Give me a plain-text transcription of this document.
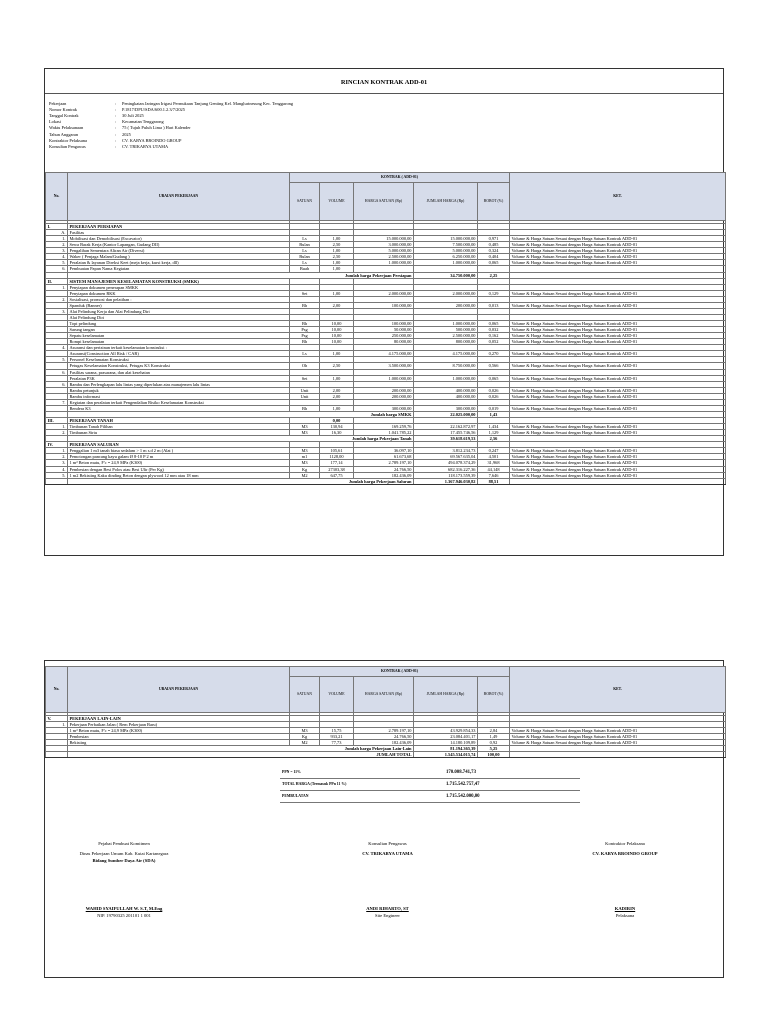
RINCIAN KONTRAK ADD-01
Pekerjaan	:	Peningkatan Jaringan Irigasi Permukaan Tanjung Genting Kel. Manglurinesung Kec. Tenggarong
Nomor Kontrak	:	P.1817/DPU/SDA/600.1.2.3/7/2025
Tanggal Kontrak	:	30 Juli 2025
Lokasi	:	Kecamatan Tenggarong
Waktu Pelaksanaan	:	75 ( Tujuh Puluh Lima ) Hari Kalender
Tahun Anggaran	:	2025
Kontraktor Pelaksana	:	CV. KARYA BROINDO GROUP
Konsultan Pengawas	:	CV. TRIKARYA UTAMA
No.	URAIAN PEKERJAAN	KONTRAK ( ADD-01)					KET.
		SATUAN	VOLUME	HARGA SATUAN (Rp)	JUMLAH HARGA (Rp)	BOBOT (%)	

I.	PEKERJAAN PERSIAPAN						
A.	Fasilitas						
1.	Mobilisasi dan Demobilisasi (Excavator)	Ls	1,00	15.000.000,00	15.000.000,00	0,971	Volume & Harga Satuan Sesuai dengan Harga Satuan Kontrak ADD-01
2.	Sewa Barak Kerja (Kantor Lapangan, Gudang DII)	Bulan	2,50	3.000.000,00	7.500.000,00	0,485	Volume & Harga Satuan Sesuai dengan Harga Satuan Kontrak ADD-01
3.	Pengalihan Sementara Aliran Air (Diversi)	Ls	1,00	5.000.000,00	5.000.000,00	0,324	Volume & Harga Satuan Sesuai dengan Harga Satuan Kontrak ADD-01
4.	Waker ( Penjaga Malam/Gudang )	Bulan	2,50	2.500.000,00	6.250.000,00	0,404	Volume & Harga Satuan Sesuai dengan Harga Satuan Kontrak ADD-01
5.	Peralatan & layanan Direksi Keet (meja kerja, kursi kerja, dll)	Ls	1,00	1.000.000,00	1.000.000,00	0,065	Volume & Harga Satuan Sesuai dengan Harga Satuan Kontrak ADD-01
6.	Pembuatan Papan Nama Kegiatan	Buah	1,00				
	Jumlah harga Pekerjaan Persiapan				34.750.000,00	2,25	
II.	SISTEM MANAJEMEN KESELAMATAN KONSTRUKSI (SMKK)						
1.	Penyiapan dokumen penerapan SMKK						
	Penyiapan dokumen RKK	Set	1,00	2.000.000,00	2.000.000,00	0,129	Volume & Harga Satuan Sesuai dengan Harga Satuan Kontrak ADD-01
2.	Sosialisasi, promosi dan pelatihan :						
	Spanduk (Banner)	Bh	2,00	100.000,00	200.000,00	0,013	Volume & Harga Satuan Sesuai dengan Harga Satuan Kontrak ADD-01
3.	Alat Pelindung Kerja dan Alat Pelindung Diri						
	Alat Pelindung Diri						
	Topi pelindung	Bh	10,00	100.000,00	1.000.000,00	0,065	Volume & Harga Satuan Sesuai dengan Harga Satuan Kontrak ADD-01
	Sarung tangan	Psg	10,00	50.000,00	500.000,00	0,032	Volume & Harga Satuan Sesuai dengan Harga Satuan Kontrak ADD-01
	Sepatu keselamatan	Psg	10,00	250.000,00	2.500.000,00	0,162	Volume & Harga Satuan Sesuai dengan Harga Satuan Kontrak ADD-01
	Rompi keselamatan	Bh	10,00	80.000,00	800.000,00	0,052	Volume & Harga Satuan Sesuai dengan Harga Satuan Kontrak ADD-01
4.	Asuransi dan perizinan terkait keselamatan konstruksi :						
	Asuransi(Construction All Risk / CAR)	Ls	1,00	4.175.000,00	4.175.000,00	0,270	Volume & Harga Satuan Sesuai dengan Harga Satuan Kontrak ADD-01
5.	Personel Keselamatan Konstruksi						
	Petugas Keselamatan Konstruksi, Petugas K3 Konstruksi	Oh	2,50	3.500.000,00	8.750.000,00	0,566	Volume & Harga Satuan Sesuai dengan Harga Satuan Kontrak ADD-01
6.	Fasilitas sarana, prasarana, dan alat kesehatan						
	Peralatan P3K	Set	1,00	1.000.000,00	1.000.000,00	0,065	Volume & Harga Satuan Sesuai dengan Harga Satuan Kontrak ADD-01
6.	Rambu dan Perlengkapan lalu lintas yang diperlukan atas manajemen lalu lintas						
	Rambu petunjuk	Unit	2,00	200.000,00	400.000,00	0,026	Volume & Harga Satuan Sesuai dengan Harga Satuan Kontrak ADD-01
	Rambu informasi	Unit	2,00	200.000,00	400.000,00	0,026	Volume & Harga Satuan Sesuai dengan Harga Satuan Kontrak ADD-01
7.	Kegiatan dan peralatan terkait Pengendalian Risiko Keselamatan Konstruksi						
	Bendera K3	Bh	1,00	300.000,00	300.000,00	0,019	Volume & Harga Satuan Sesuai dengan Harga Satuan Kontrak ADD-01
	Jumlah harga SMKK				22.025.000,00	1,43	
III.	PEKERJAAN TANAH		0,00				
1.	Timbunan Tanah Pilihan	M3	130,94	169.259,76	22.162.872,97	1,434	Volume & Harga Satuan Sesuai dengan Harga Satuan Kontrak ADD-01
2.	Timbunan Sirtu	M3	16,30	1.041.785,22	17.455.746,56	1,129	Volume & Harga Satuan Sesuai dengan Harga Satuan Kontrak ADD-01
	Jumlah harga Pekerjaan Tanah				39.618.619,53	2,56	
IV.	PEKERJAAN SALURAN						
1.	Penggalian 1 m3 tanah biasa sedalam > 1 m s.d 2 m (Alat )	M3	105,61	36.097,10	3.812.234,73	0,247	Volume & Harga Satuan Sesuai dengan Harga Satuan Kontrak ADD-01
2.	Pemotongan pancang kayu galam Ø 8-10 P 2 m	m1	1128,00	61.673,68	69.567.635,04	4,501	Volume & Harga Satuan Sesuai dengan Harga Satuan Kontrak ADD-01
3.	1 m³ Beton mutu, F'c = 24,9 MPa (K300)	M3	177,14	2.789.197,10	494.078.374,29	31,968	Volume & Harga Satuan Sesuai dengan Harga Satuan Kontrak ADD-01
4.	Pembesian dengan Besi Polos atau Besi Ulir (Per Kg)	Kg	27303,38	24.766,50	682.316.227,36	44,148	Volume & Harga Satuan Sesuai dengan Harga Satuan Kontrak ADD-01
5.	1 m2 Bekisting Kaku dinding Beton dengan plywood 12 mm atau 18 mm	M2	647,75	182.436,09	118.173.559,39	7,646	Volume & Harga Satuan Sesuai dengan Harga Satuan Kontrak ADD-01
	Jumlah harga Pekerjaan Saluran				1.367.946.030,82	88,51	
No.	URAIAN PEKERJAAN	KONTRAK ( ADD-01)					KET.
		SATUAN	VOLUME	HARGA SATUAN (Rp)	JUMLAH HARGA (Rp)	BOBOT (%)	

V.	PEKERJAAN LAIN-LAIN						
1.	Pekerjaan Perbaikan Jalan ( Rem Pekerjaan Baru)						
	1 m³ Beton mutu, F'c = 24,9 MPa (K300)	M3	15,75	2.789.197,10	43.929.854,33	2,84	Volume & Harga Satuan Sesuai dengan Harga Satuan Kontrak ADD-01
	Pembesian	Kg	933,21	24.766,50	23.084.401,17	1,49	Volume & Harga Satuan Sesuai dengan Harga Satuan Kontrak ADD-01
	Bekisting	M2	77,73	182.436,09	14.180.109,89	0,92	Volume & Harga Satuan Sesuai dengan Harga Satuan Kontrak ADD-01
	Jumlah harga Pekerjaan Lain-Lain				81.194.365,39	5,25	
	JUMLAH TOTAL				1.545.534.015,74	100,00	
PPN = 11%	170.008.741,73
TOTAL HARGA (Termasuk PPn 11 %)	1.715.542.757,47
PEMBULATAN	1.715.542.000,00
Pejabat Pembuat Komitmen
Dinas Pekerjaan Umum Kab. Kutai Kartanegara
Bidang Sumber Daya Air (SDA)
WAHID SYAIFULLAH W. S.T, M.Eng
NIP. 19790325 201101 1 001
Konsultan Pengawas
CV. TRIKARYA UTAMA
ANDI RIHARTO, ST
Site Engineer
Kontraktor Pelaksana
CV. KARYA BROINDO GROUP
KADIRIN
Pelaksana
